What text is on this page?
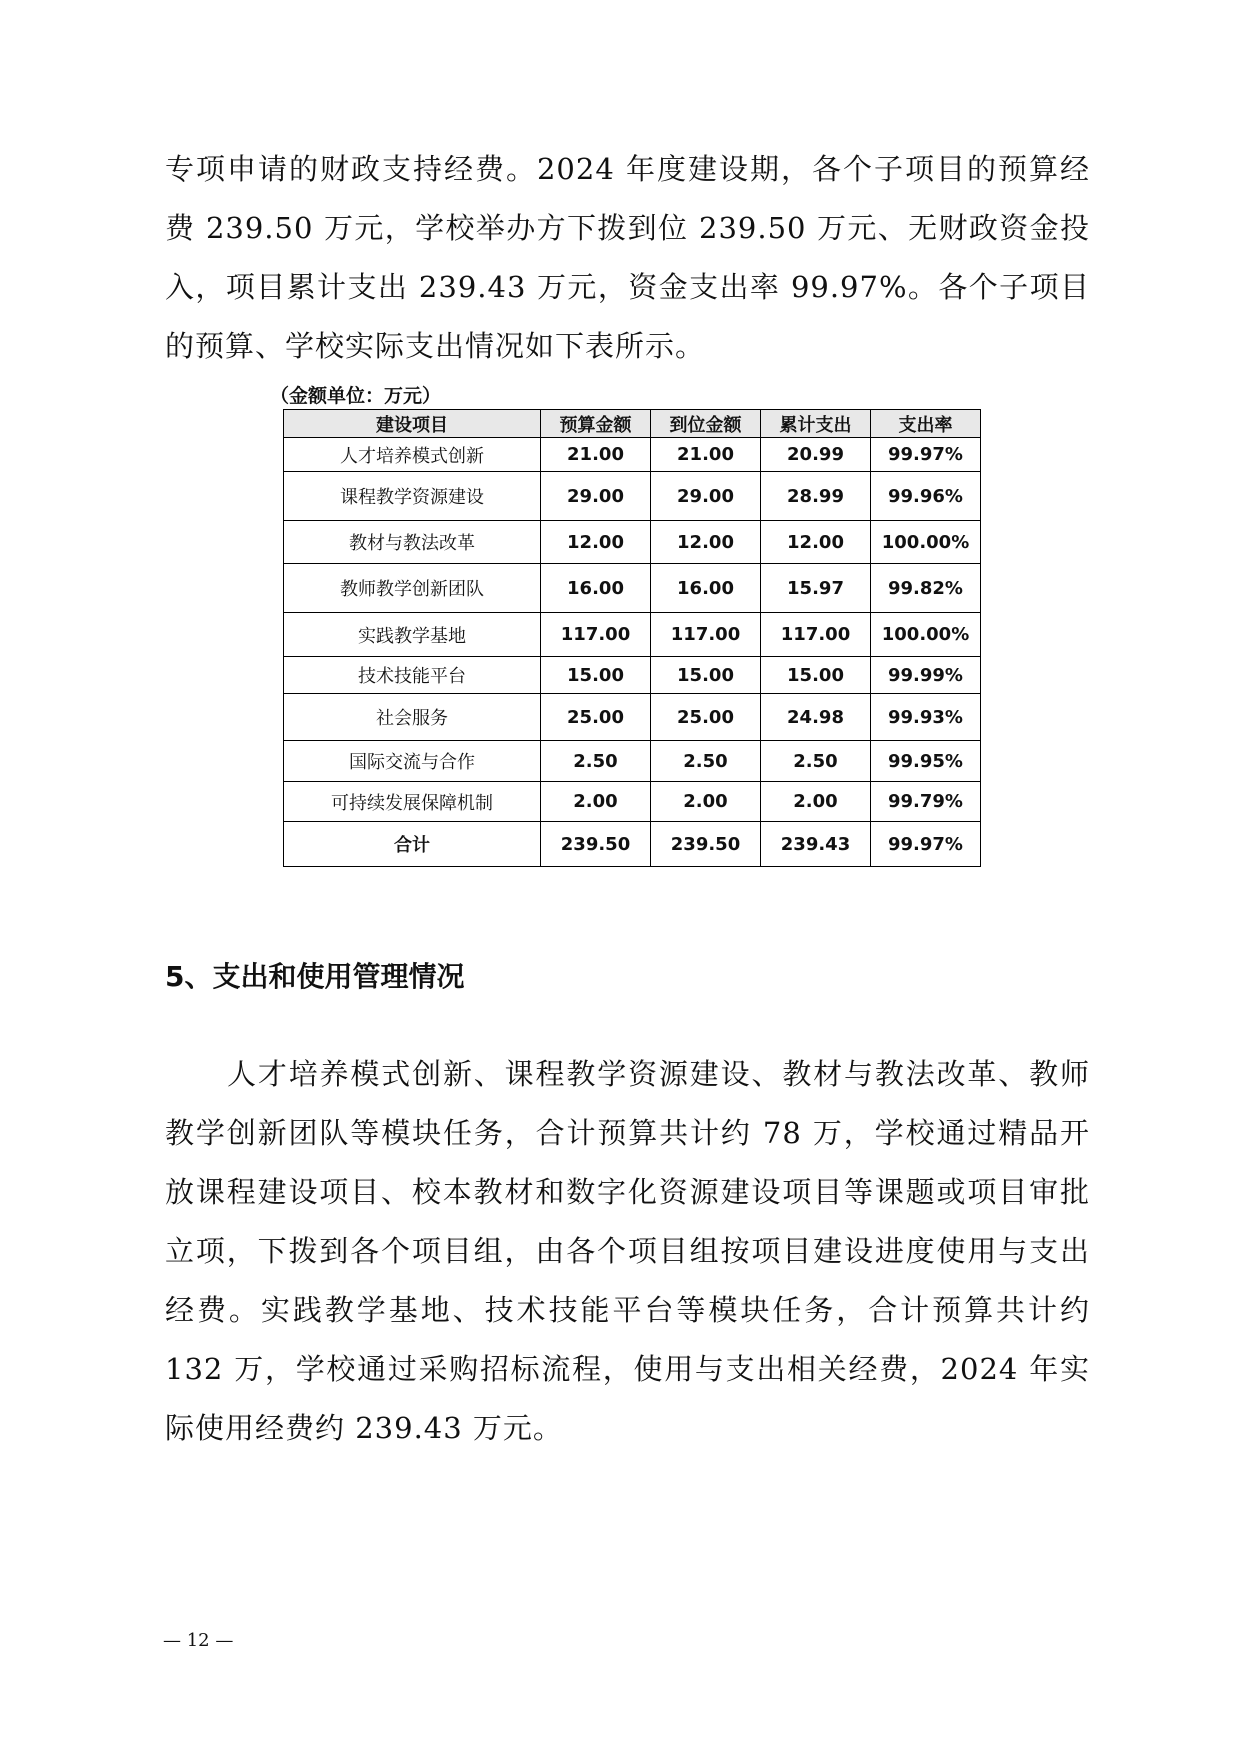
专项申请的财政支持经费。2024 年度建设期，各个子项目的预算经费 239.50 万元，学校举办方下拨到位 239.50 万元、无财政资金投入，项目累计支出 239.43 万元，资金支出率 99.97%。各个子项目的预算、学校实际支出情况如下表所示。

（金额单位：万元）

建设项目	预算金额	到位金额	累计支出	支出率
人才培养模式创新	21.00	21.00	20.99	99.97%
课程教学资源建设	29.00	29.00	28.99	99.96%
教材与教法改革	12.00	12.00	12.00	100.00%
教师教学创新团队	16.00	16.00	15.97	99.82%
实践教学基地	117.00	117.00	117.00	100.00%
技术技能平台	15.00	15.00	15.00	99.99%
社会服务	25.00	25.00	24.98	99.93%
国际交流与合作	2.50	2.50	2.50	99.95%
可持续发展保障机制	2.00	2.00	2.00	99.79%
合计	239.50	239.50	239.43	99.97%
5、支出和使用管理情况

人才培养模式创新、课程教学资源建设、教材与教法改革、教师教学创新团队等模块任务，合计预算共计约 78 万，学校通过精品开放课程建设项目、校本教材和数字化资源建设项目等课题或项目审批立项，下拨到各个项目组，由各个项目组按项目建设进度使用与支出经费。实践教学基地、技术技能平台等模块任务，合计预算共计约 132 万，学校通过采购招标流程，使用与支出相关经费，2024 年实际使用经费约 239.43 万元。

— 12 —
